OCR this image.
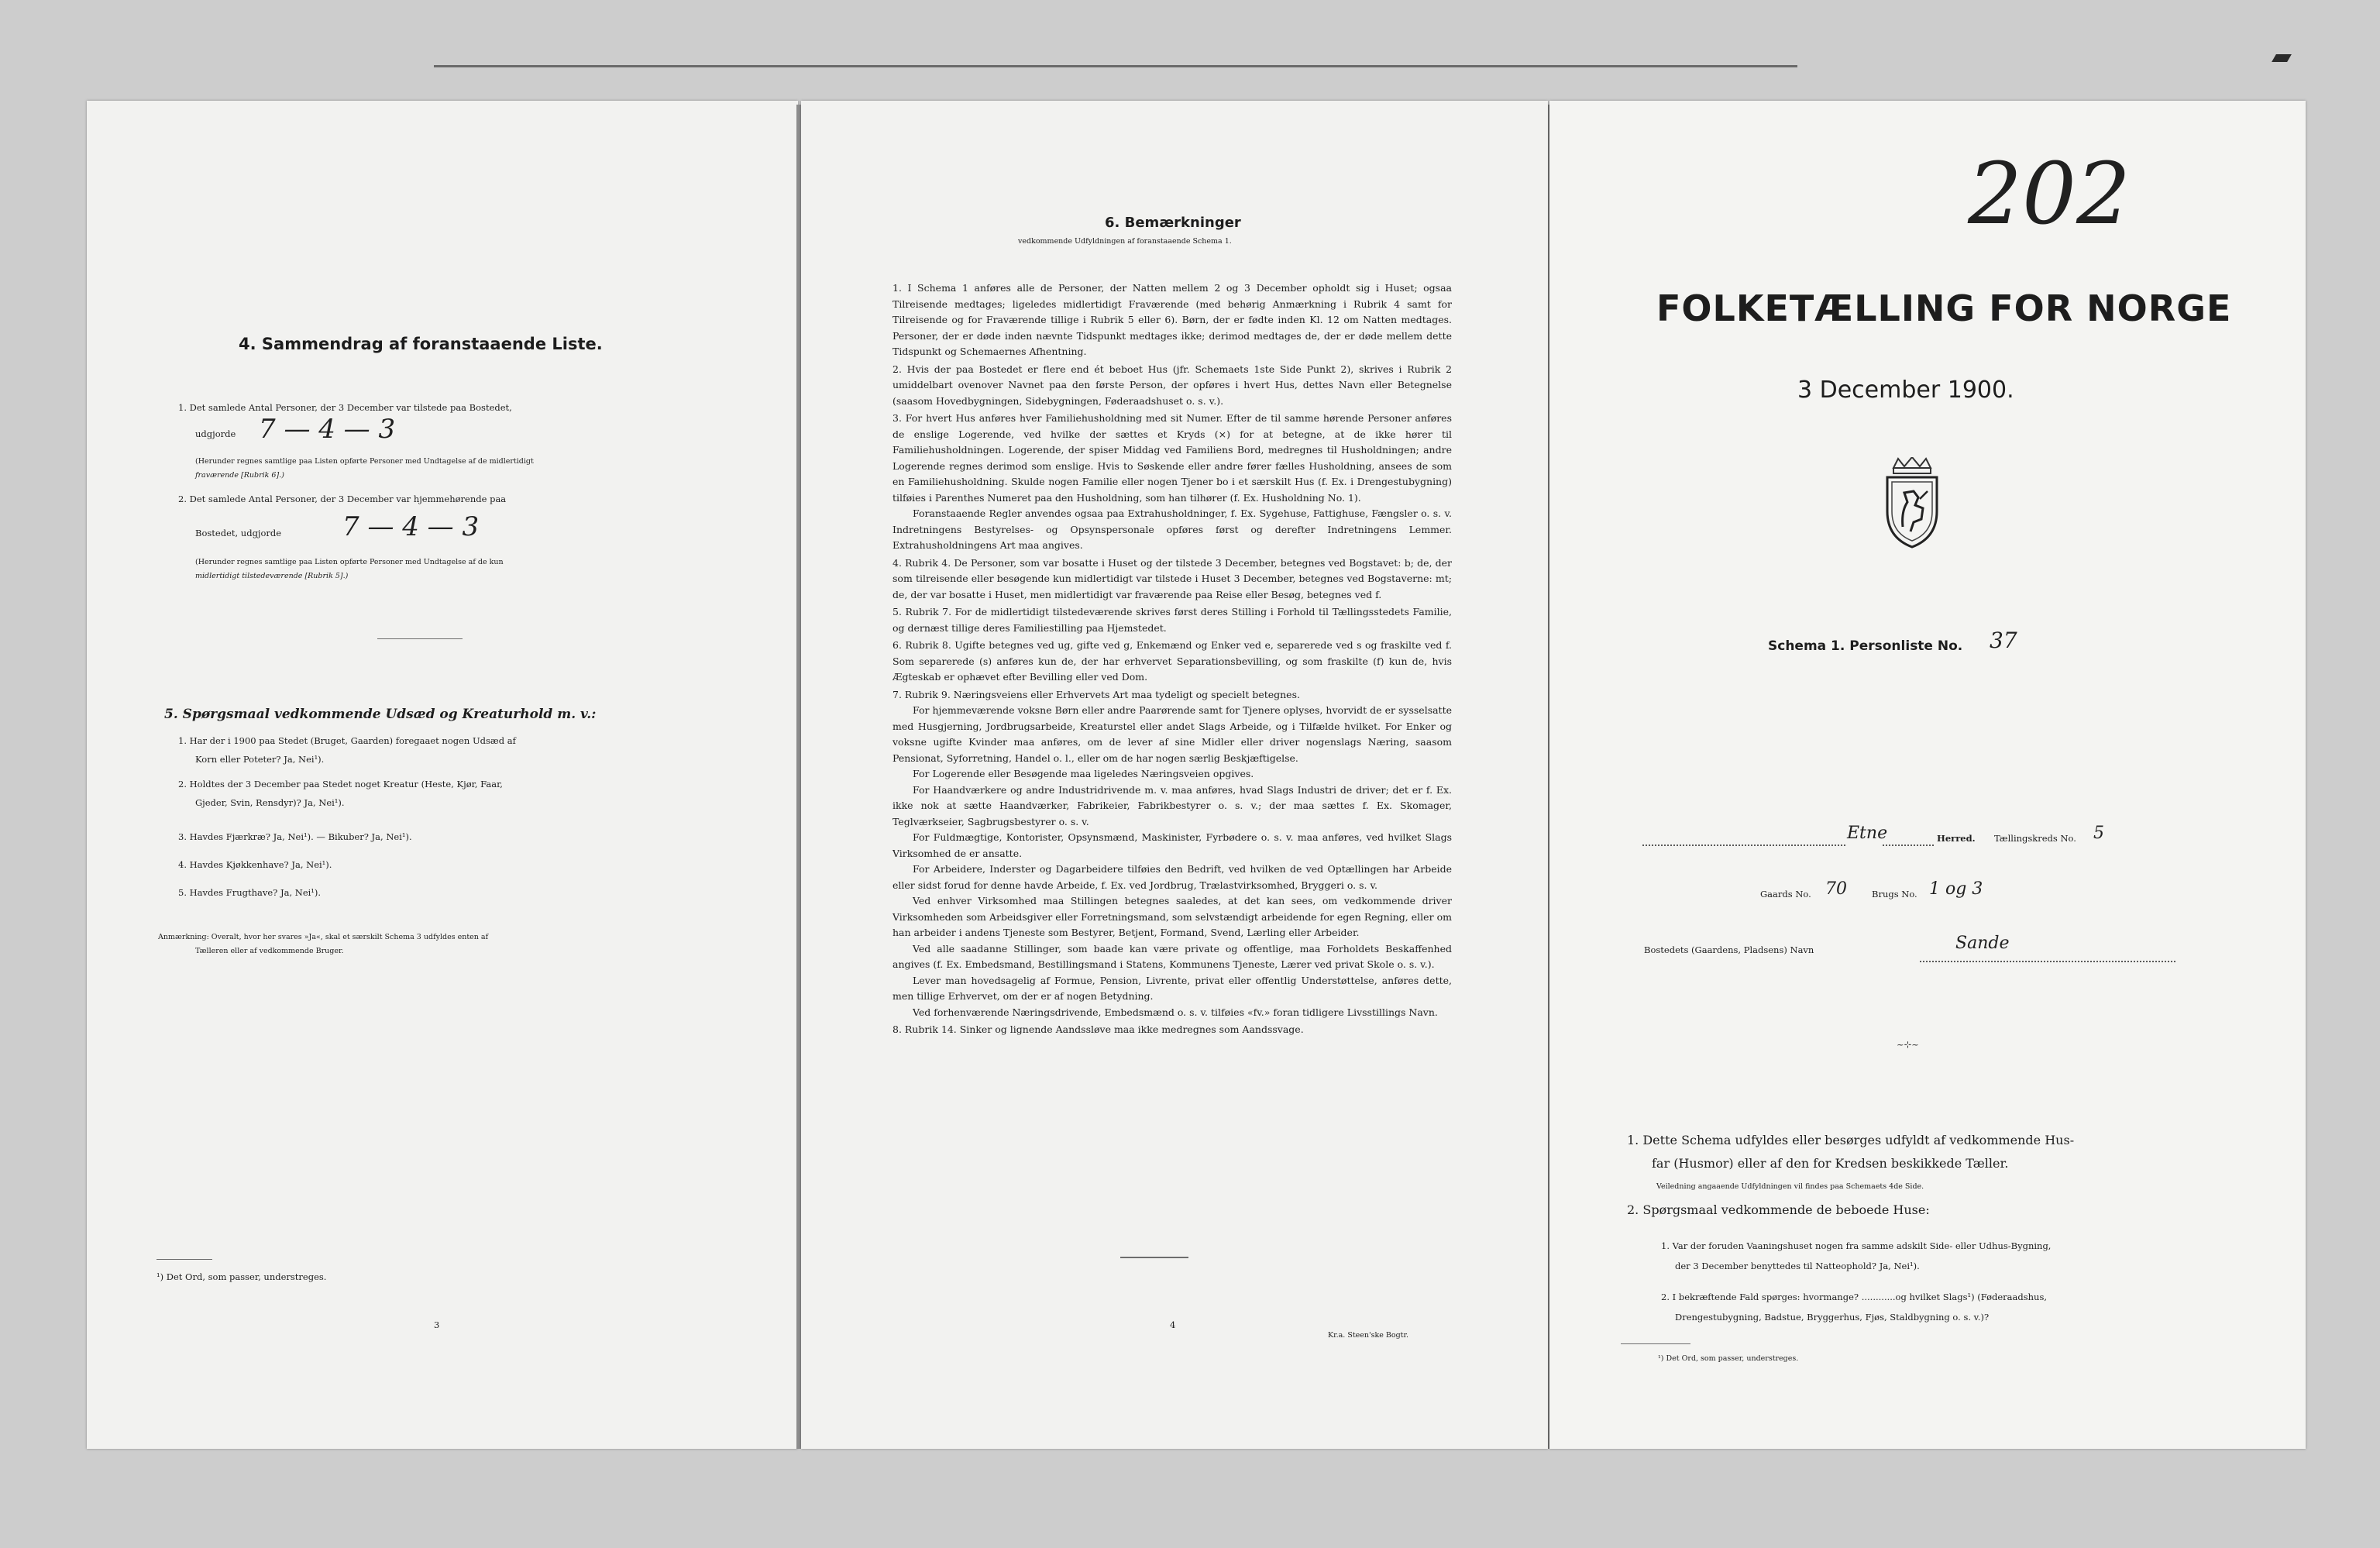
4. Sammendrag af foranstaaende Liste.
1. Det samlede Antal Personer, der 3 December var tilstede paa Bostedet,
udgjorde 7 — 4 — 3
(Herunder regnes samtlige paa Listen opførte Personer med Undtagelse af de midlertidigt
fraværende [Rubrik 6].)
2. Det samlede Antal Personer, der 3 December var hjemmehørende paa
Bostedet, udgjorde 7 — 4 — 3
(Herunder regnes samtlige paa Listen opførte Personer med Undtagelse af de kun
midlertidigt tilstedeværende [Rubrik 5].)
5. Spørgsmaal vedkommende Udsæd og Kreaturhold m. v.:
1. Har der i 1900 paa Stedet (Bruget, Gaarden) foregaaet nogen Udsæd af
Korn eller Poteter? Ja, Nei¹).
2. Holdtes der 3 December paa Stedet noget Kreatur (Heste, Kjør, Faar,
Gjeder, Svin, Rensdyr)? Ja, Nei¹).
3. Havdes Fjærkræ? Ja, Nei¹). — Bikuber? Ja, Nei¹).
4. Havdes Kjøkkenhave? Ja, Nei¹).
5. Havdes Frugthave? Ja, Nei¹).
Anmærkning: Overalt, hvor her svares »Ja«, skal et særskilt Schema 3 udfyldes enten af
Tælleren eller af vedkommende Bruger.
¹) Det Ord, som passer, understreges.
3
6. Bemærkninger
vedkommende Udfyldningen af foranstaaende Schema 1.

1. I Schema 1 anføres alle de Personer, der Natten mellem 2 og 3 December opholdt sig i Huset; ogsaa Tilreisende medtages; ligeledes midlertidigt Fraværende (med behørig Anmærkning i Rubrik 4 samt for Tilreisende og for Fraværende tillige i Rubrik 5 eller 6). Børn, der er fødte inden Kl. 12 om Natten medtages. Personer, der er døde inden nævnte Tidspunkt medtages ikke; derimod medtages de, der er døde mellem dette Tidspunkt og Schemaernes Afhentning.

2. Hvis der paa Bostedet er flere end ét beboet Hus (jfr. Schemaets 1ste Side Punkt 2), skrives i Rubrik 2 umiddelbart ovenover Navnet paa den første Person, der opføres i hvert Hus, dettes Navn eller Betegnelse (saasom Hovedbygningen, Sidebygningen, Føderaadshuset o. s. v.).

3. For hvert Hus anføres hver Familiehusholdning med sit Numer. Efter de til samme hørende Personer anføres de enslige Logerende, ved hvilke der sættes et Kryds (×) for at betegne, at de ikke hører til Familiehusholdningen. Logerende, der spiser Middag ved Familiens Bord, medregnes til Husholdningen; andre Logerende regnes derimod som enslige. Hvis to Søskende eller andre fører fælles Husholdning, ansees de som en Familiehusholdning. Skulde nogen Familie eller nogen Tjener bo i et særskilt Hus (f. Ex. i Drengestubygning) tilføies i Parenthes Numeret paa den Husholdning, som han tilhører (f. Ex. Husholdning No. 1).

Foranstaaende Regler anvendes ogsaa paa Extrahusholdninger, f. Ex. Sygehuse, Fattighuse, Fængsler o. s. v. Indretningens Bestyrelses- og Opsynspersonale opføres først og derefter Indretningens Lemmer. Extrahusholdningens Art maa angives.

4. Rubrik 4. De Personer, som var bosatte i Huset og der tilstede 3 December, betegnes ved Bogstavet: b; de, der som tilreisende eller besøgende kun midlertidigt var tilstede i Huset 3 December, betegnes ved Bogstaverne: mt; de, der var bosatte i Huset, men midlertidigt var fraværende paa Reise eller Besøg, betegnes ved f.

5. Rubrik 7. For de midlertidigt tilstedeværende skrives først deres Stilling i Forhold til Tællingsstedets Familie, og dernæst tillige deres Familiestilling paa Hjemstedet.

6. Rubrik 8. Ugifte betegnes ved ug, gifte ved g, Enkemænd og Enker ved e, separerede ved s og fraskilte ved f. Som separerede (s) anføres kun de, der har erhvervet Separationsbevilling, og som fraskilte (f) kun de, hvis Ægteskab er ophævet efter Bevilling eller ved Dom.

7. Rubrik 9. Næringsveiens eller Erhvervets Art maa tydeligt og specielt betegnes.

For hjemmeværende voksne Børn eller andre Paarørende samt for Tjenere oplyses, hvorvidt de er sysselsatte med Husgjerning, Jordbrugsarbeide, Kreaturstel eller andet Slags Arbeide, og i Tilfælde hvilket. For Enker og voksne ugifte Kvinder maa anføres, om de lever af sine Midler eller driver nogenslags Næring, saasom Pensionat, Syforretning, Handel o. l., eller om de har nogen særlig Beskjæftigelse.

For Logerende eller Besøgende maa ligeledes Næringsveien opgives.

For Haandværkere og andre Industridrivende m. v. maa anføres, hvad Slags Industri de driver; det er f. Ex. ikke nok at sætte Haandværker, Fabrikeier, Fabrikbestyrer o. s. v.; der maa sættes f. Ex. Skomager, Teglværkseier, Sagbrugsbestyrer o. s. v.

For Fuldmægtige, Kontorister, Opsynsmænd, Maskinister, Fyrbødere o. s. v. maa anføres, ved hvilket Slags Virksomhed de er ansatte.

For Arbeidere, Inderster og Dagarbeidere tilføies den Bedrift, ved hvilken de ved Optællingen har Arbeide eller sidst forud for denne havde Arbeide, f. Ex. ved Jordbrug, Trælastvirksomhed, Bryggeri o. s. v.

Ved enhver Virksomhed maa Stillingen betegnes saaledes, at det kan sees, om vedkommende driver Virksomheden som Arbeidsgiver eller Forretningsmand, som selvstændigt arbeidende for egen Regning, eller om han arbeider i andens Tjeneste som Bestyrer, Betjent, Formand, Svend, Lærling eller Arbeider.

Ved alle saadanne Stillinger, som baade kan være private og offentlige, maa Forholdets Beskaffenhed angives (f. Ex. Embedsmand, Bestillingsmand i Statens, Kommunens Tjeneste, Lærer ved privat Skole o. s. v.).

Lever man hovedsagelig af Formue, Pension, Livrente, privat eller offentlig Understøttelse, anføres dette, men tillige Erhvervet, om der er af nogen Betydning.

Ved forhenværende Næringsdrivende, Embedsmænd o. s. v. tilføies «fv.» foran tidligere Livsstillings Navn.

8. Rubrik 14. Sinker og lignende Aandssløve maa ikke medregnes som Aandssvage.

4
Kr.a. Steen'ske Bogtr.
202
FOLKETÆLLING FOR NORGE
3 December 1900.
Schema 1. Personliste No. 37
Etne	Herred. Tællingskreds No. 5
Gaards No. 70	Brugs No. 1 og 3
Bostedets (Gaardens, Pladsens) Navn	Sande
~⊹~
1. Dette Schema udfyldes eller besørges udfyldt af vedkommende Hus-
far (Husmor) eller af den for Kredsen beskikkede Tæller.
Veiledning angaaende Udfyldningen vil findes paa Schemaets 4de Side.
2. Spørgsmaal vedkommende de beboede Huse:
1. Var der foruden Vaaningshuset nogen fra samme adskilt Side- eller Udhus-Bygning,
der 3 December benyttedes til Natteophold? Ja, Nei¹).
2. I bekræftende Fald spørges: hvormange? ............og hvilket Slags¹) (Føderaadshus,
Drengestubygning, Badstue, Bryggerhus, Fjøs, Staldbygning o. s. v.)?
¹) Det Ord, som passer, understreges.
